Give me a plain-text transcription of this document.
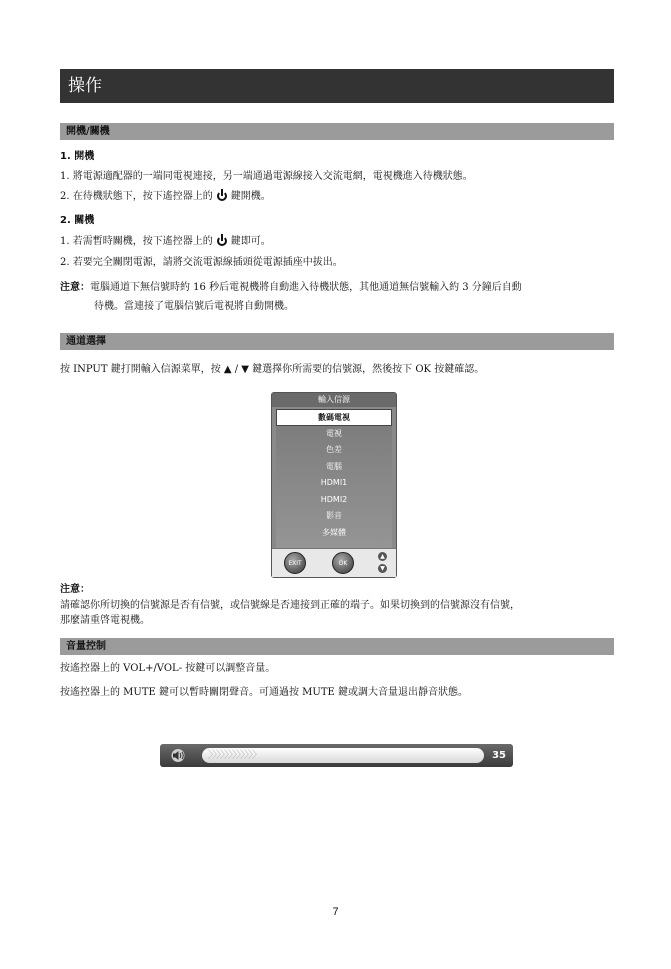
操作
開機/關機
1. 開機
1. 將電源適配器的一端同電視連接，另一端通過電源線接入交流電網，電視機進入待機狀態。
2. 在待機狀態下，按下遙控器上的 鍵開機。
2. 關機
1. 若需暫時關機，按下遙控器上的 鍵即可。
2. 若要完全關閉電源，請將交流電源線插頭從電源插座中拔出。
注意：電腦通道下無信號時約 16 秒后電視機將自動進入待機狀態，其他通道無信號輸入約 3 分鐘后自動
待機。當連接了電腦信號后電視將自動開機。
通道選擇
按 INPUT 鍵打開輸入信源菜單，按 ▲ / ▼ 鍵選擇你所需要的信號源，然後按下 OK 按鍵確認。
輸入信源
數碼電視
電視
色差
電腦
HDMI1
HDMI2
影音
多媒體
EXIT	OK
▲
▼
注意：
請確認你所切換的信號源是否有信號，或信號線是否連接到正確的端子。如果切換到的信號源沒有信號，
那麼請重啓電視機。
音量控制
按遙控器上的 VOL+/VOL- 按鍵可以調整音量。
按遙控器上的 MUTE 鍵可以暫時關閉聲音。可通過按 MUTE 鍵或調大音量退出靜音狀態。
〉〉〉〉〉〉〉〉〉〉〉〉	35
7
